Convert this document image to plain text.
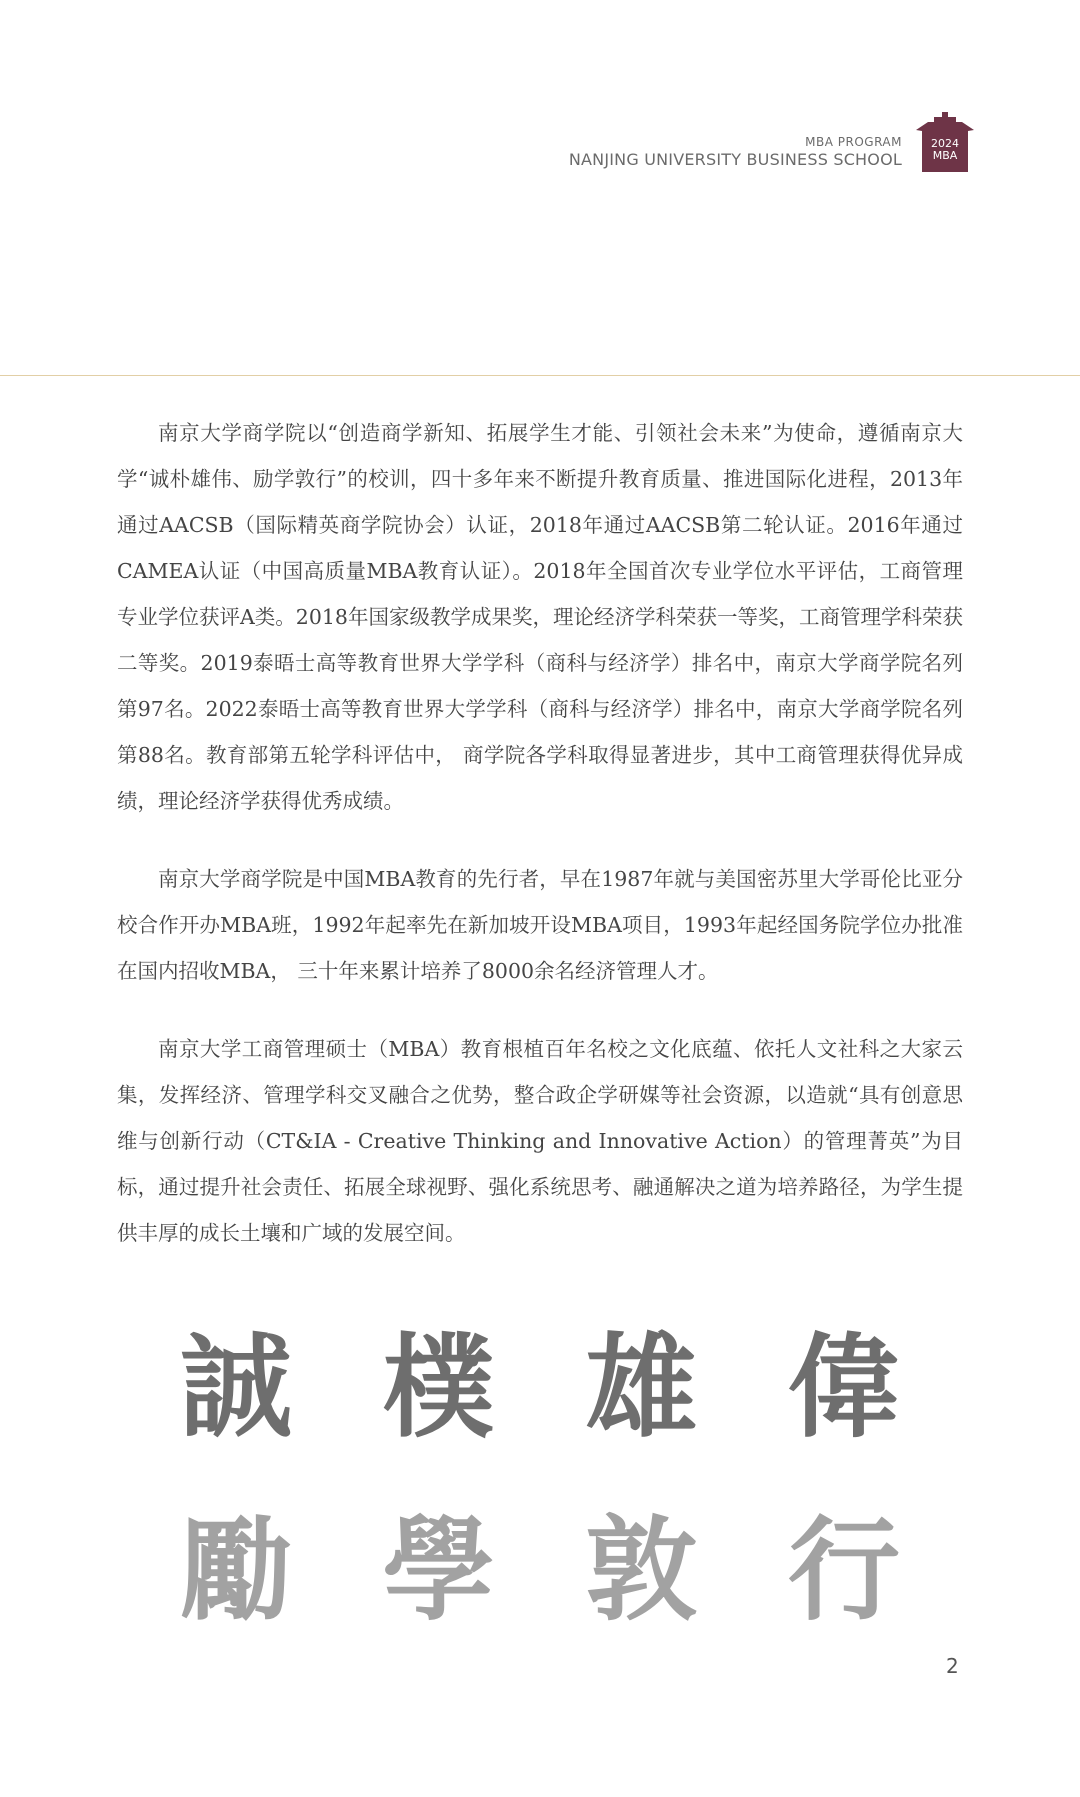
MBA PROGRAM
NANJING UNIVERSITY BUSINESS SCHOOL
2024
MBA

南京大学商学院以“创造商学新知、拓展学生才能、引领社会未来”为使命，遵循南京大学“诚朴雄伟、励学敦行”的校训，四十多年来不断提升教育质量、推进国际化进程，2013年通过AACSB（国际精英商学院协会）认证，2018年通过AACSB第二轮认证。2016年通过CAMEA认证（中国高质量MBA教育认证）。2018年全国首次专业学位水平评估，工商管理专业学位获评A类。2018年国家级教学成果奖，理论经济学科荣获一等奖，工商管理学科荣获二等奖。2019泰晤士高等教育世界大学学科（商科与经济学）排名中，南京大学商学院名列第97名。2022泰晤士高等教育世界大学学科（商科与经济学）排名中，南京大学商学院名列第88名。教育部第五轮学科评估中， 商学院各学科取得显著进步，其中工商管理获得优异成绩，理论经济学获得优秀成绩。

南京大学商学院是中国MBA教育的先行者，早在1987年就与美国密苏里大学哥伦比亚分校合作开办MBA班，1992年起率先在新加坡开设MBA项目，1993年起经国务院学位办批准在国内招收MBA， 三十年来累计培养了8000余名经济管理人才。

南京大学工商管理硕士（MBA）教育根植百年名校之文化底蕴、依托人文社科之大家云集，发挥经济、管理学科交叉融合之优势，整合政企学研媒等社会资源，以造就“具有创意思维与创新行动（CT&IA - Creative Thinking and Innovative Action）的管理菁英”为目标，通过提升社会责任、拓展全球视野、强化系统思考、融通解决之道为培养路径，为学生提供丰厚的成长土壤和广域的发展空间。

誠 樸 雄 偉
勵 學 敦 行
2
